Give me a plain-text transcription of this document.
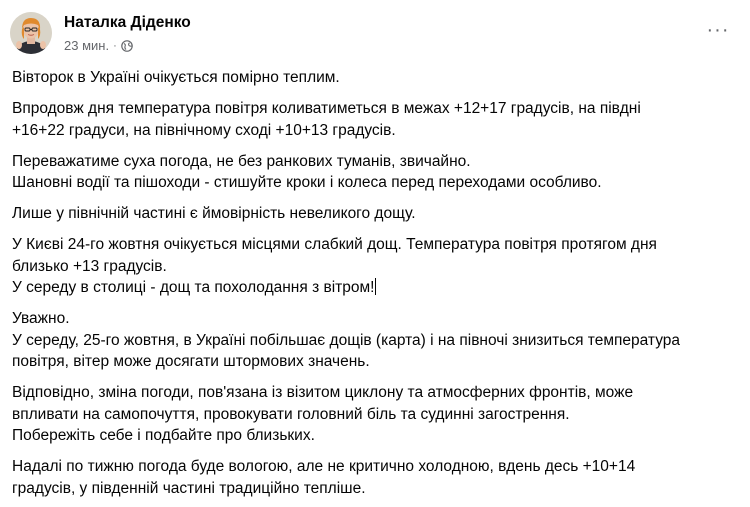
Наталка Діденко
23 мин. ·
···

Вівторок в Україні очікується помірно теплим.

Впродовж дня температура повітря коливатиметься в межах +12+17 градусів, на півдні
+16+22 градуси, на північному сході +10+13 градусів.

Переважатиме суха погода, не без ранкових туманів, звичайно.
Шановні водії та пішоходи - стишуйте кроки і колеса перед переходами особливо.

Лише у північній частині є ймовірність невеликого дощу.

У Києві 24-го жовтня очікується місцями слабкий дощ. Температура повітря протягом дня
близько +13 градусів.
У середу в столиці - дощ та похолодання з вітром!

Уважно.
У середу, 25-го жовтня, в Україні побільшає дощів (карта) і на півночі знизиться температура
повітря, вітер може досягати штормових значень.

Відповідно, зміна погоди, пов'язана із візитом циклону та атмосферних фронтів, може
впливати на самопочуття, провокувати головний біль та судинні загострення.
Побережіть себе і подбайте про близьких.

Надалі по тижню погода буде вологою, але не критично холодною, вдень десь +10+14
градусів, у південній частині традиційно тепліше.
